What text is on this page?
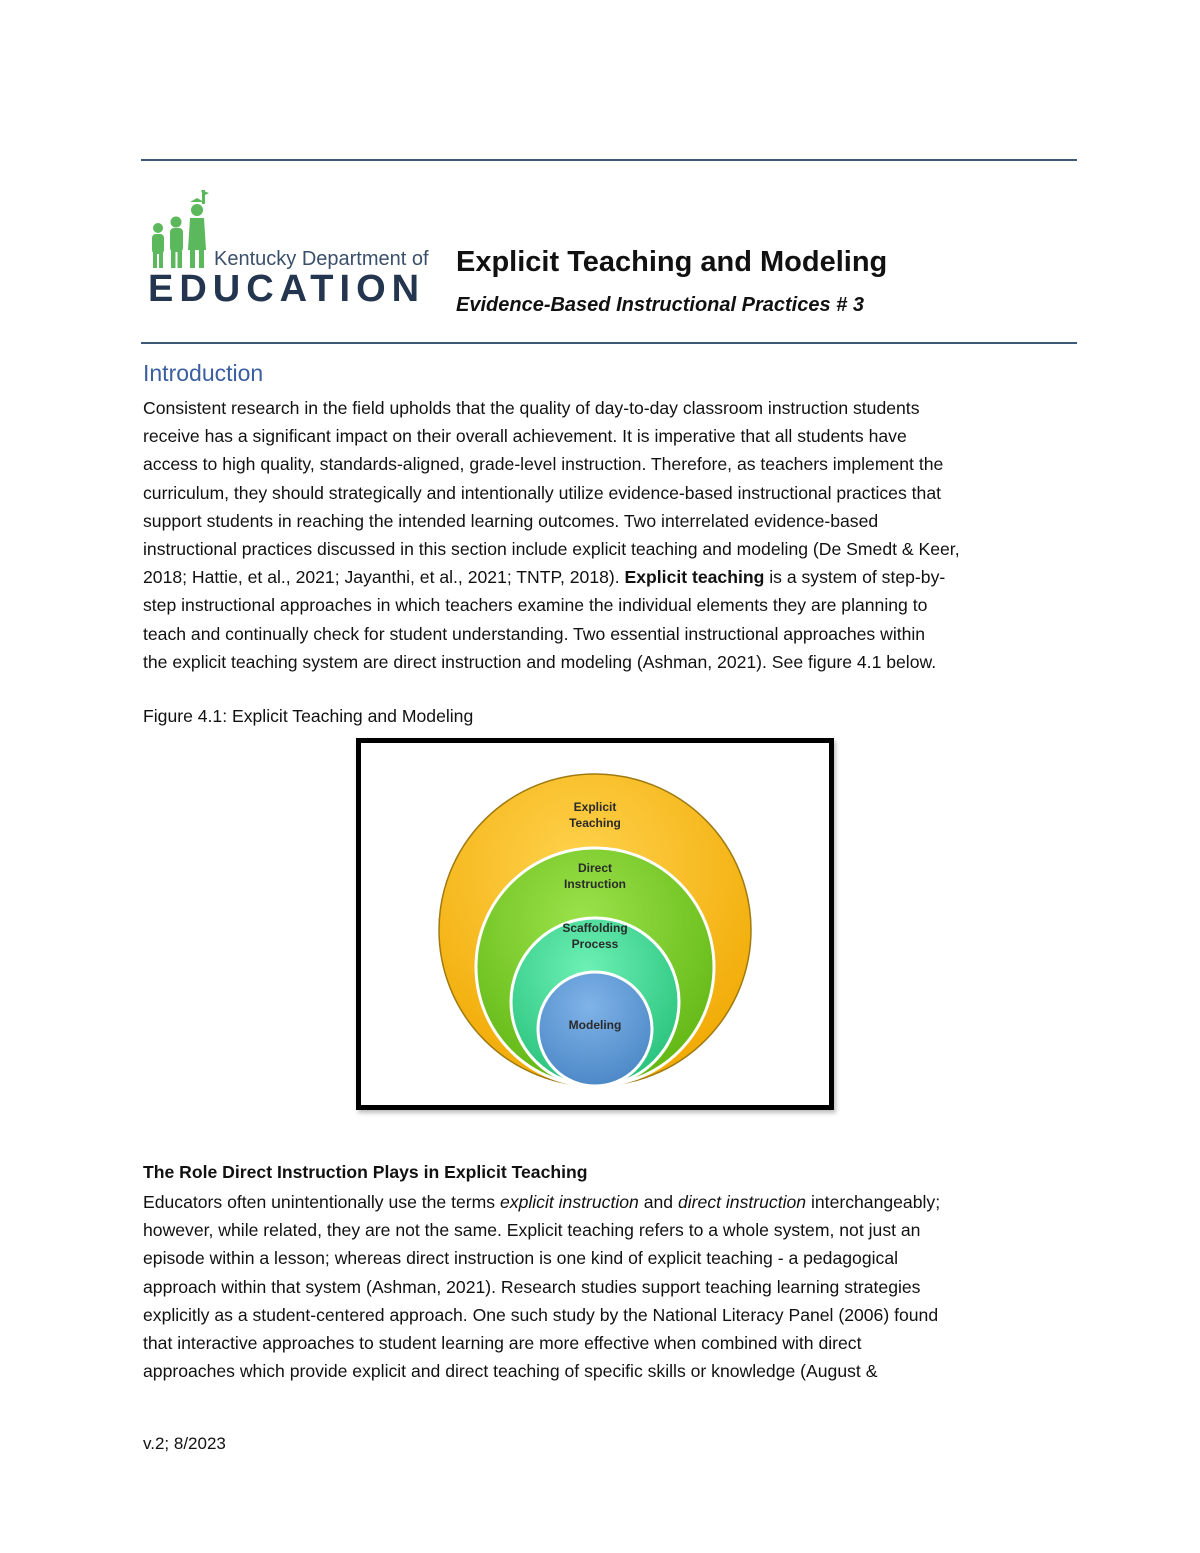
Kentucky Department of
EDUCATION
Explicit Teaching and Modeling
Evidence-Based Instructional Practices # 3
Introduction
Consistent research in the field upholds that the quality of day-to-day classroom instruction students
receive has a significant impact on their overall achievement. It is imperative that all students have
access to high quality, standards-aligned, grade-level instruction. Therefore, as teachers implement the
curriculum, they should strategically and intentionally utilize evidence-based instructional practices that
support students in reaching the intended learning outcomes. Two interrelated evidence-based
instructional practices discussed in this section include explicit teaching and modeling (De Smedt & Keer,
2018; Hattie, et al., 2021; Jayanthi, et al., 2021; TNTP, 2018). Explicit teaching is a system of step-by-
step instructional approaches in which teachers examine the individual elements they are planning to
teach and continually check for student understanding. Two essential instructional approaches within
the explicit teaching system are direct instruction and modeling (Ashman, 2021). See figure 4.1 below.
Figure 4.1: Explicit Teaching and Modeling
Explicit
Teaching
Direct
Instruction
Scaffolding
Process
Modeling
The Role Direct Instruction Plays in Explicit Teaching
Educators often unintentionally use the terms explicit instruction and direct instruction interchangeably;
however, while related, they are not the same. Explicit teaching refers to a whole system, not just an
episode within a lesson; whereas direct instruction is one kind of explicit teaching - a pedagogical
approach within that system (Ashman, 2021). Research studies support teaching learning strategies
explicitly as a student-centered approach. One such study by the National Literacy Panel (2006) found
that interactive approaches to student learning are more effective when combined with direct
approaches which provide explicit and direct teaching of specific skills or knowledge (August &
v.2; 8/2023
